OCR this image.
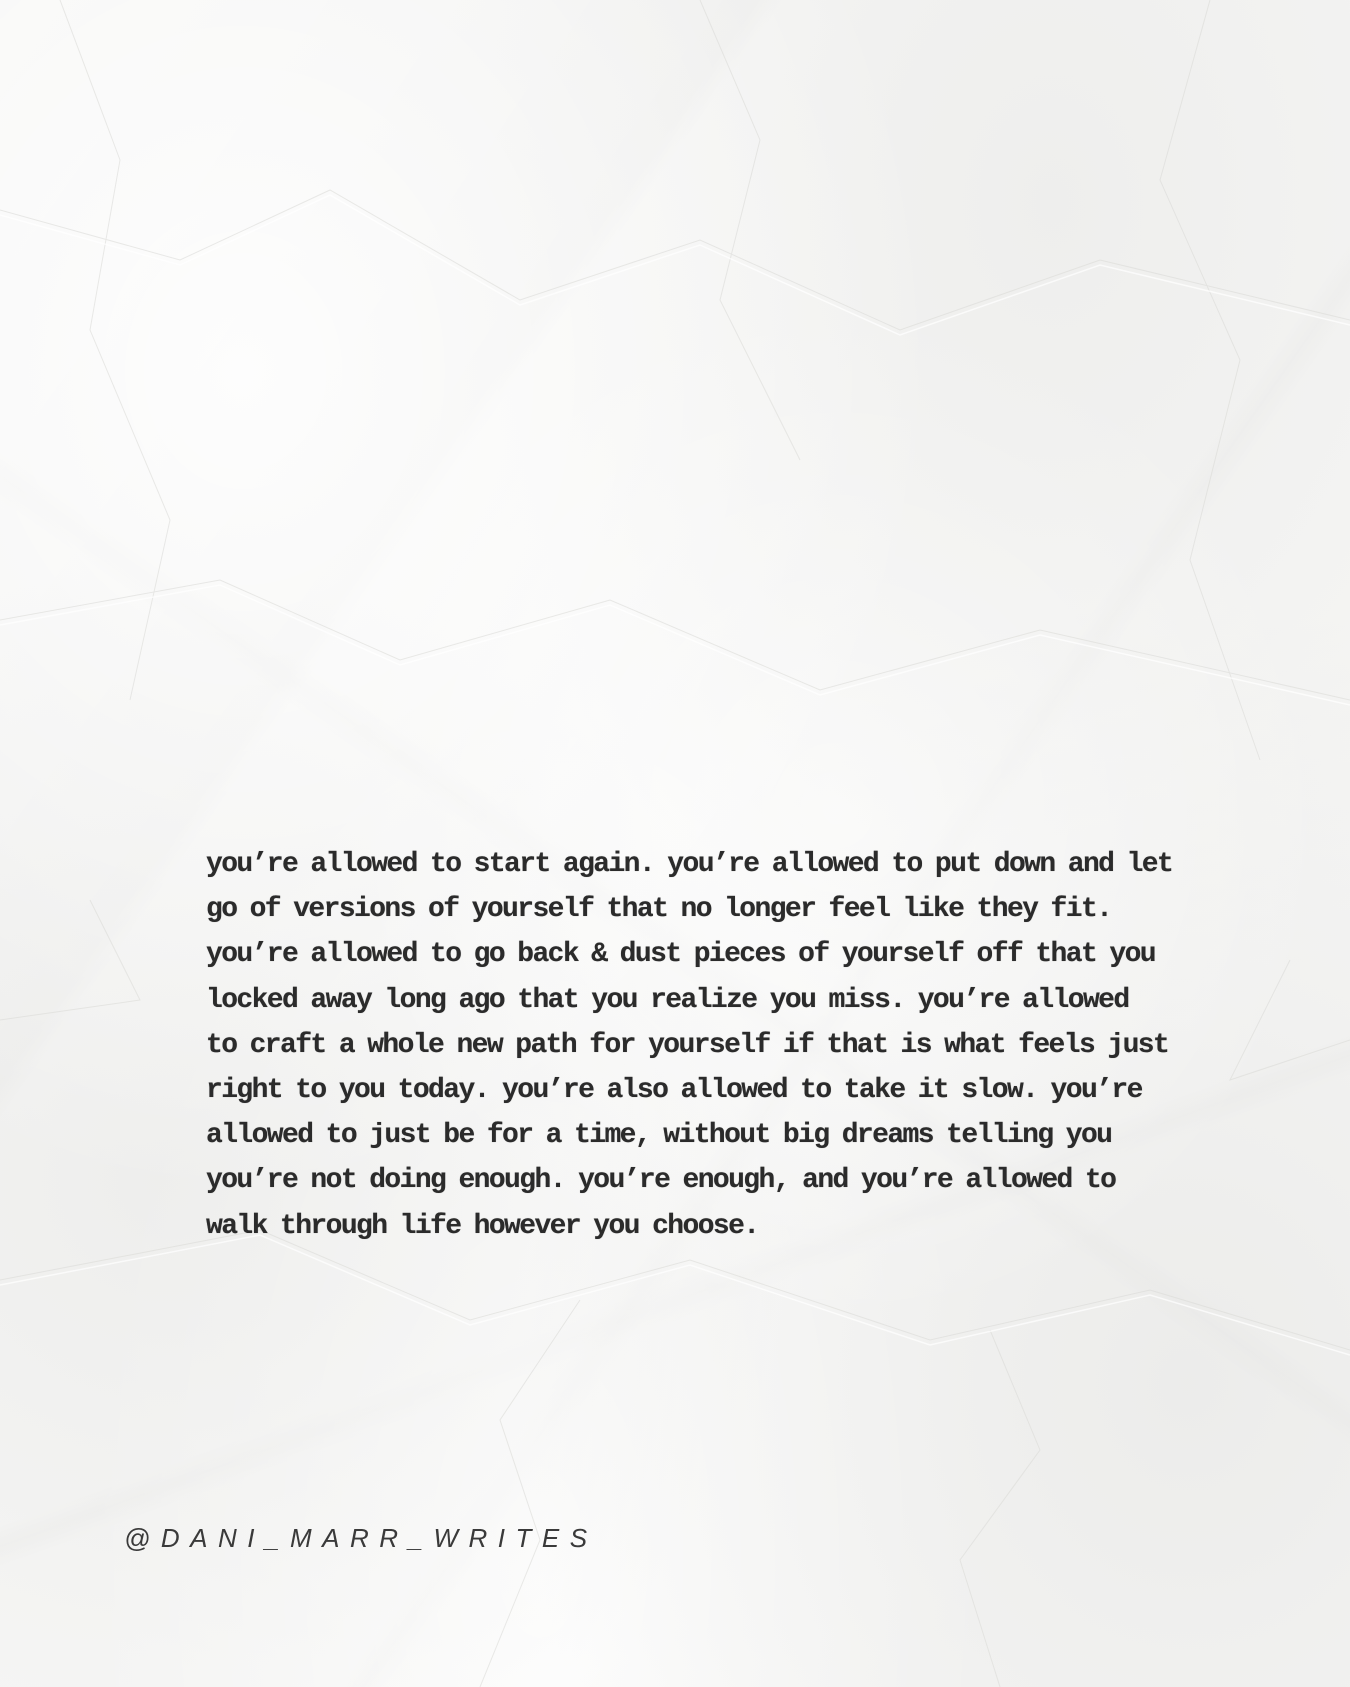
you’re allowed to start again. you’re allowed to put down and let
go of versions of yourself that no longer feel like they fit.
you’re allowed to go back & dust pieces of yourself off that you
locked away long ago that you realize you miss. you’re allowed
to craft a whole new path for yourself if that is what feels just
right to you today. you’re also allowed to take it slow. you’re
allowed to just be for a time, without big dreams telling you
you’re not doing enough. you’re enough, and you’re allowed to
walk through life however you choose.

@DANI_MARR_WRITES
